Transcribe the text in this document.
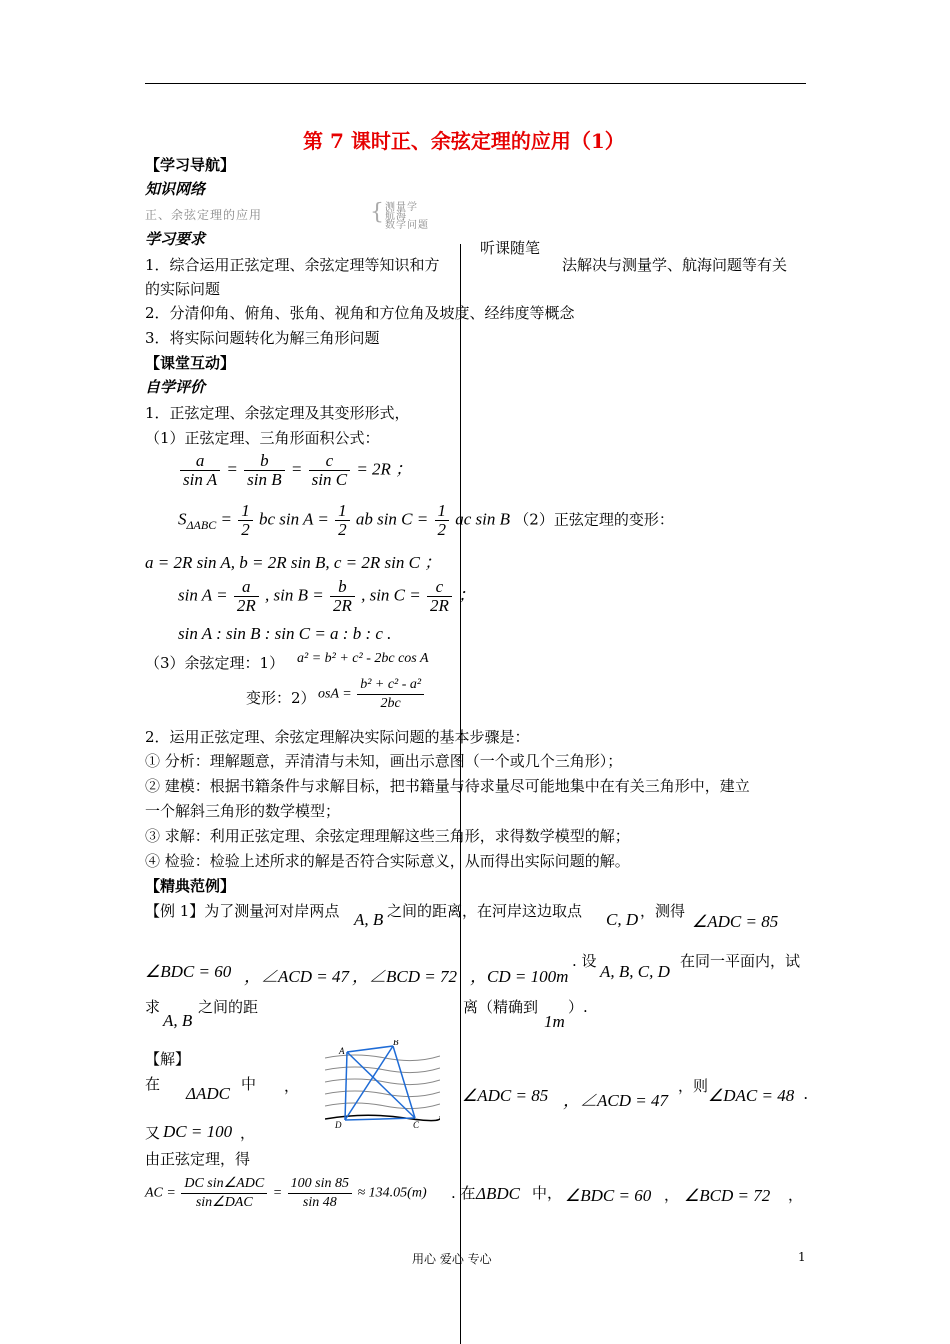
第 7 课时正、余弦定理的应用（1）
【学习导航】
知识网络
正、余弦定理的应用	{ 测量学
航海
数学问题
学习要求	听课随笔
1．综合运用正弦定理、余弦定理等知识和方	法解决与测量学、航海问题等有关
的实际问题
2．分清仰角、俯角、张角、视角和方位角及坡度、经纬度等概念
3．将实际问题转化为解三角形问题
【课堂互动】
自学评价
1．正弦定理、余弦定理及其变形形式，
（1）正弦定理、三角形面积公式：
$\frac{a}{\text{sin A}} = \frac{b}{\text{sin B}} = \frac{c}{\text{sin C}} = 2R$ ；
$S_{\Delta ABC} = \frac{1}{2}$ bc $\sin A = \frac{1}{2}$ ab $\sin C = \frac{1}{2}$ ac sin B （2）正弦定理的变形：
a = 2R sin A, b = 2R sin B, c = 2R sin C ；
$\sin A = \frac{a}{2R}$ , $\sin B = \frac{b}{2R}$ , $\sin C = \frac{c}{2R}$ ；
sin A : sin B : sin C = a : b : c .
（3）余弦定理：1） a² = b² + c² - 2bc cos A
变形：2） osA = $\frac{\text{b² + c² - a²}}{2bc}$
2．运用正弦定理、余弦定理解决实际问题的基本步骤是：
① 分析：理解题意，弄清清与未知，画出示意图（一个或几个三角形）；
② 建模：根据书籍条件与求解目标，把书籍量与待求量尽可能地集中在有关三角形中，建立
一个解斜三角形的数学模型；
③ 求解：利用正弦定理、余弦定理理解这些三角形，求得数学模型的解；
④ 检验：检验上述所求的解是否符合实际意义，从而得出实际问题的解。
【精典范例】
【例 1】为了测量河对岸两点 A, B 之间的距离，在河岸这边取点 C, D ，测得
∠ADC = 85
∠BDC = 60 ，∠ACD = 47 ，∠BCD = 72 ，CD = 100m
. 设
A, B, C, D
在同一平面内，试
求
A, B
之间的距	离（精确到
1m
）.
A
B
C
D
【解】
在 ΔADC 中 ，	∠ADC = 85 ，∠ACD = 47
，则 ∠DAC = 48 .
又 DC = 100 ，
由正弦定理，得
AC = $\frac{\text{DC sin∠ADC}}{\text{sin∠DAC}} = \frac{100 \sin 85}{\sin 48} \approx 134.05(m)$ . 在 ΔBDC 中， ∠BDC = 60 ， ∠BCD = 72 ，
用心 爱心 专心	1
